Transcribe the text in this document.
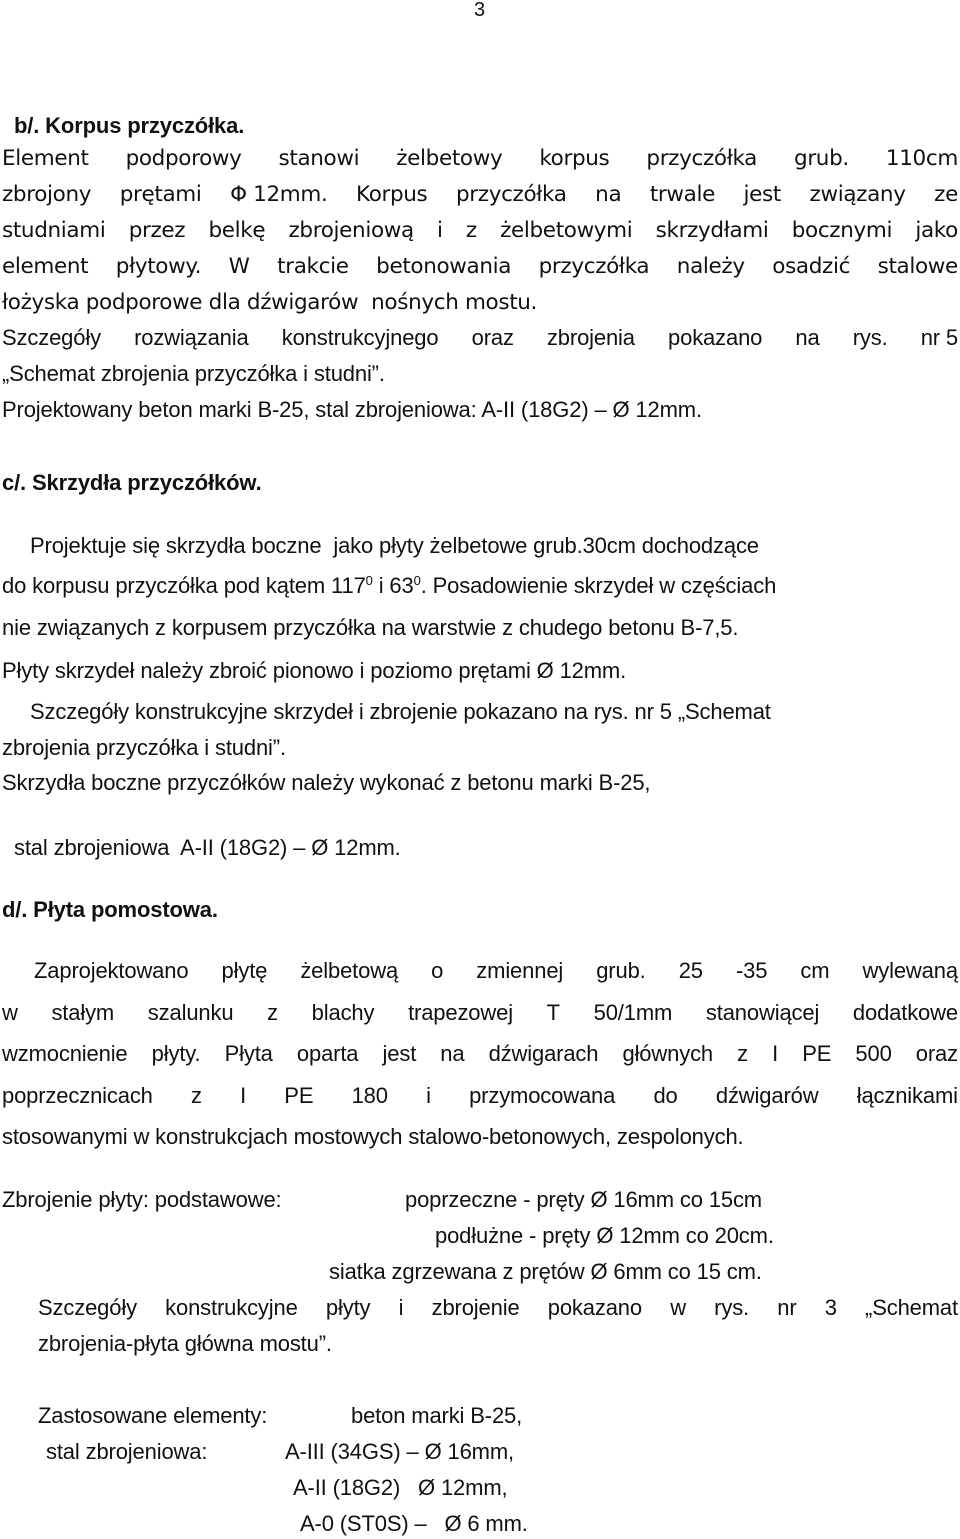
3
b/. Korpus przyczółka.
Element podporowy stanowi żelbetowy korpus przyczółka grub. 110cm
zbrojony prętami Φ 12mm. Korpus przyczółka na trwale jest związany ze
studniami przez belkę zbrojeniową i z żelbetowymi skrzydłami bocznymi jako
element płytowy. W trakcie betonowania przyczółka należy osadzić stalowe
łożyska podporowe dla dźwigarów  nośnych mostu.
Szczegóły rozwiązania konstrukcyjnego oraz zbrojenia pokazano na rys. nr 5
„Schemat zbrojenia przyczółka i studni”.
Projektowany beton marki B-25, stal zbrojeniowa: A-II (18G2) – Ø 12mm.
c/. Skrzydła przyczółków.
Projektuje się skrzydła boczne  jako płyty żelbetowe grub.30cm dochodzące
do korpusu przyczółka pod kątem $117^0$ i $63^0$. Posadowienie skrzydeł w częściach
nie związanych z korpusem przyczółka na warstwie z chudego betonu B-7,5.
Płyty skrzydeł należy zbroić pionowo i poziomo prętami Ø 12mm.
Szczegóły konstrukcyjne skrzydeł i zbrojenie pokazano na rys. nr 5 „Schemat
zbrojenia przyczółka i studni”.
Skrzydła boczne przyczółków należy wykonać z betonu marki B-25,
stal zbrojeniowa  A-II (18G2) – Ø 12mm.
d/. Płyta pomostowa.
Zaprojektowano płytę żelbetową o zmiennej grub. 25 -35 cm wylewaną
w stałym szalunku z blachy trapezowej T 50/1mm stanowiącej dodatkowe
wzmocnienie płyty. Płyta oparta jest na dźwigarach głównych z I PE 500 oraz
poprzecznicach z I PE 180 i przymocowana do dźwigarów łącznikami
stosowanymi w konstrukcjach mostowych stalowo-betonowych, zespolonych.
Zbrojenie płyty: podstawowe:	poprzeczne - pręty Ø 16mm co 15cm
podłużne - pręty Ø 12mm co 20cm.
siatka zgrzewana z prętów Ø 6mm co 15 cm.
Szczegóły konstrukcyjne płyty i zbrojenie pokazano w rys. nr 3 „Schemat
zbrojenia-płyta główna mostu”.
Zastosowane elementy:	beton marki B-25,
stal zbrojeniowa:	A-III (34GS) – Ø 16mm,
A-II (18G2)   Ø 12mm,
A-0 (ST0S) –   Ø 6 mm.
